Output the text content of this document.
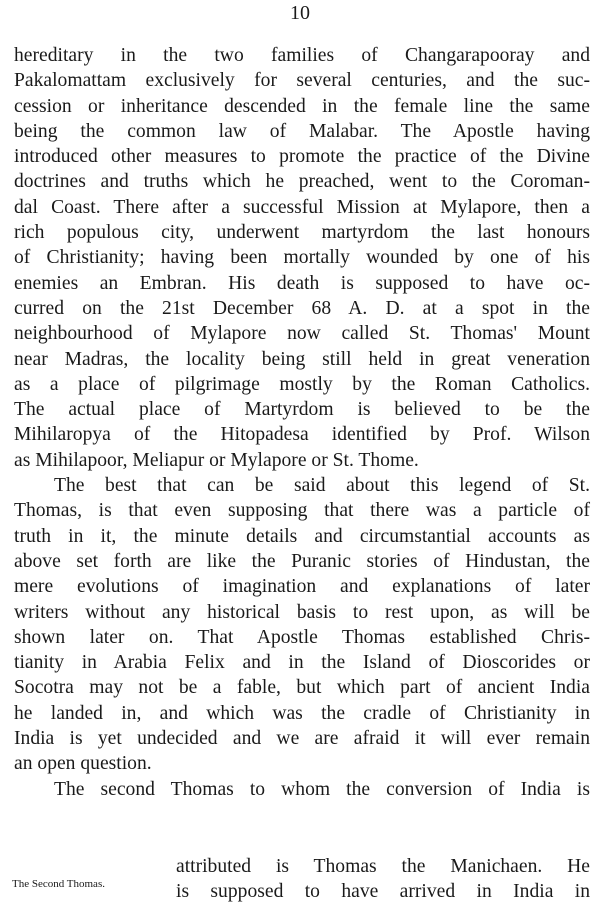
10
hereditary in the two families of Changarapooray and
Pakalomattam exclusively for several centuries, and the suc-
cession or inheritance descended in the female line the same
being the common law of Malabar. The Apostle having
introduced other measures to promote the practice of the Divine
doctrines and truths which he preached, went to the Coroman-
dal Coast. There after a successful Mission at Mylapore, then a
rich populous city, underwent martyrdom the last honours
of Christianity; having been mortally wounded by one of his
enemies an Embran. His death is supposed to have oc-
curred on the 21st December 68 A. D. at a spot in the
neighbourhood of Mylapore now called St. Thomas' Mount
near Madras, the locality being still held in great veneration
as a place of pilgrimage mostly by the Roman Catholics.
The actual place of Martyrdom is believed to be the
Mihilaropya of the Hitopadesa identified by Prof. Wilson
as Mihilapoor, Meliapur or Mylapore or St. Thome.
The best that can be said about this legend of St.
Thomas, is that even supposing that there was a particle of
truth in it, the minute details and circumstantial accounts as
above set forth are like the Puranic stories of Hindustan, the
mere evolutions of imagination and explanations of later
writers without any historical basis to rest upon, as will be
shown later on. That Apostle Thomas established Chris-
tianity in Arabia Felix and in the Island of Dioscorides or
Socotra may not be a fable, but which part of ancient India
he landed in, and which was the cradle of Christianity in
India is yet undecided and we are afraid it will ever remain
an open question.
The second Thomas to whom the conversion of India is
attributed is Thomas the Manichaen. He
is supposed to have arrived in India in
The Second Thomas.
